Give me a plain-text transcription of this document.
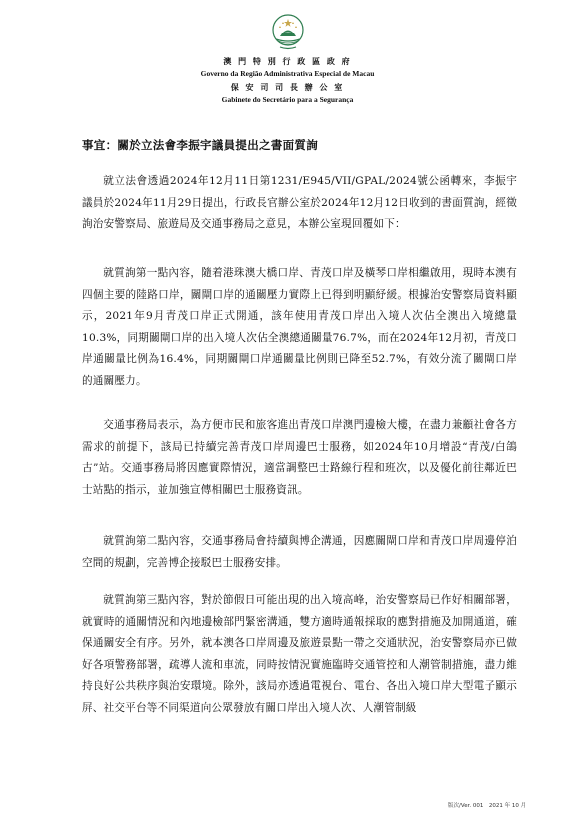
澳 門 特 別 行 政 區 政 府
Governo da Região Administrativa Especial de Macau
保 安 司 司 長 辦 公 室
Gabinete do Secretário para a Segurança
事宜：關於立法會李振宇議員提出之書面質詢

就立法會透過2024年12月11日第1231/E945/VII/GPAL/2024號公函轉來，李振宇議員於2024年11月29日提出，行政長官辦公室於2024年12月12日收到的書面質詢，經徵詢治安警察局、旅遊局及交通事務局之意見，本辦公室現回覆如下：

就質詢第一點內容，隨着港珠澳大橋口岸、青茂口岸及橫琴口岸相繼啟用，現時本澳有四個主要的陸路口岸，關閘口岸的通關壓力實際上已得到明顯紓緩。根據治安警察局資料顯示，2021年9月青茂口岸正式開通，該年使用青茂口岸出入境人次佔全澳出入境總量10.3%，同期關閘口岸的出入境人次佔全澳總通關量76.7%，而在2024年12月初，青茂口岸通關量比例為16.4%，同期關閘口岸通關量比例則已降至52.7%，有效分流了關閘口岸的通關壓力。

交通事務局表示，為方便市民和旅客進出青茂口岸澳門邊檢大樓，在盡力兼顧社會各方需求的前提下，該局已持續完善青茂口岸周邊巴士服務，如2024年10月增設“青茂/白鴿古”站。交通事務局將因應實際情況，適當調整巴士路線行程和班次，以及優化前往鄰近巴士站點的指示，並加強宣傳相關巴士服務資訊。

就質詢第二點內容，交通事務局會持續與博企溝通，因應關閘口岸和青茂口岸周邊停泊空間的規劃，完善博企接駁巴士服務安排。

就質詢第三點內容，對於節假日可能出現的出入境高峰，治安警察局已作好相關部署，就實時的通關情況和內地邊檢部門緊密溝通，雙方適時通報採取的應對措施及加開通道，確保通關安全有序。另外，就本澳各口岸周邊及旅遊景點一帶之交通狀況，治安警察局亦已做好各項警務部署，疏導人流和車流，同時按情況實施臨時交通管控和人潮管制措施，盡力維持良好公共秩序與治安環境。除外，該局亦透過電視台、電台、各出入境口岸大型電子顯示屏、社交平台等不同渠道向公眾發放有關口岸出入境人次、人潮管制級

版次/Ver. 001　2021 年 10 月
